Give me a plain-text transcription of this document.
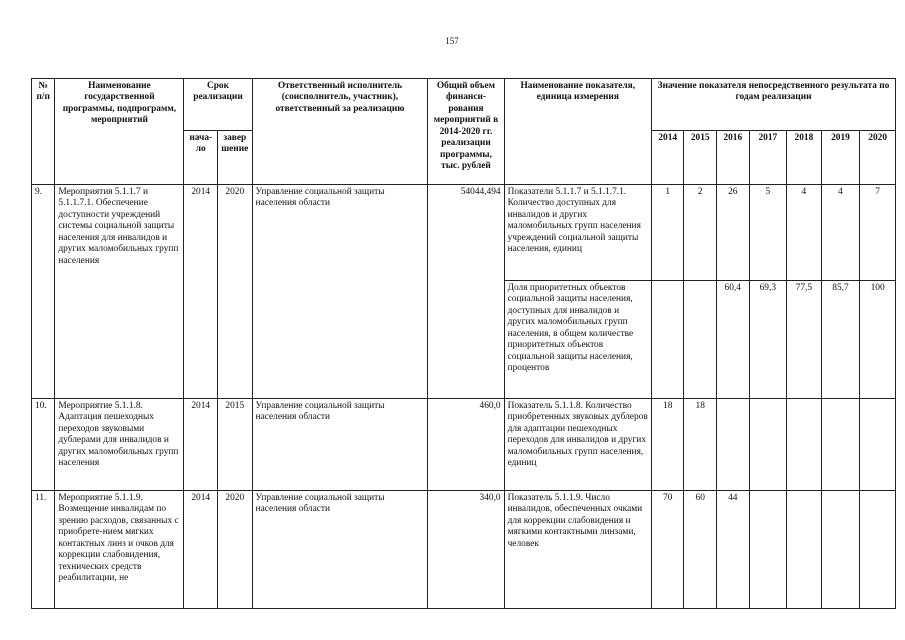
157
№ п/п	Наименование государственной программы, подпрограмм, мероприятий	Срок реализации		Ответственный исполнитель (соисполнитель, участник), ответственный за реализацию	Общий объем финанси-рования мероприятий в 2014-2020 гг. реализации программы, тыс. рублей	Наименование показателя, единица измерения	Значение показателя непосредственного результата по годам реализации						
		нача-ло	завер шение				2014	2015	2016	2017	2018	2019	2020
9.	Мероприятия 5.1.1.7 и 5.1.1.7.1. Обеспечение доступности учреждений системы социальной защиты населения для инвалидов и других маломобильных групп населения	2014	2020	Управление социальной защиты населения области	54044,494	Показатели 5.1.1.7 и 5.1.1.7.1. Количество доступных для инвалидов и других маломобильных групп населения учреждений социальной защиты населения, единиц	1	2	26	5	4	4	7
						Доля приоритетных объектов социальной защиты населения, доступных для инвалидов и других маломобильных групп населения, в общем количестве приоритетных объектов социальной защиты населения, процентов			60,4	69,3	77,5	85,7	100
10.	Мероприятие 5.1.1.8. Адаптация пешеходных переходов звуковыми дублерами для инвалидов и других маломобильных групп населения	2014	2015	Управление социальной защиты населения области	460,0	Показатель 5.1.1.8. Количество приобретенных звуковых дублеров для адаптации пешеходных переходов для инвалидов и других маломобильных групп населения, единиц	18	18					
11.	Мероприятие 5.1.1.9. Возмещение инвалидам по зрению расходов, связанных с приобрете-нием мягких контактных линз и очков для коррекции слабовидения, технических средств реабилитации, не	2014	2020	Управление социальной защиты населения области	340,0	Показатель 5.1.1.9. Число инвалидов, обеспеченных очками для коррекции слабовидения и мягкими контактными линзами, человек	70	60	44				
